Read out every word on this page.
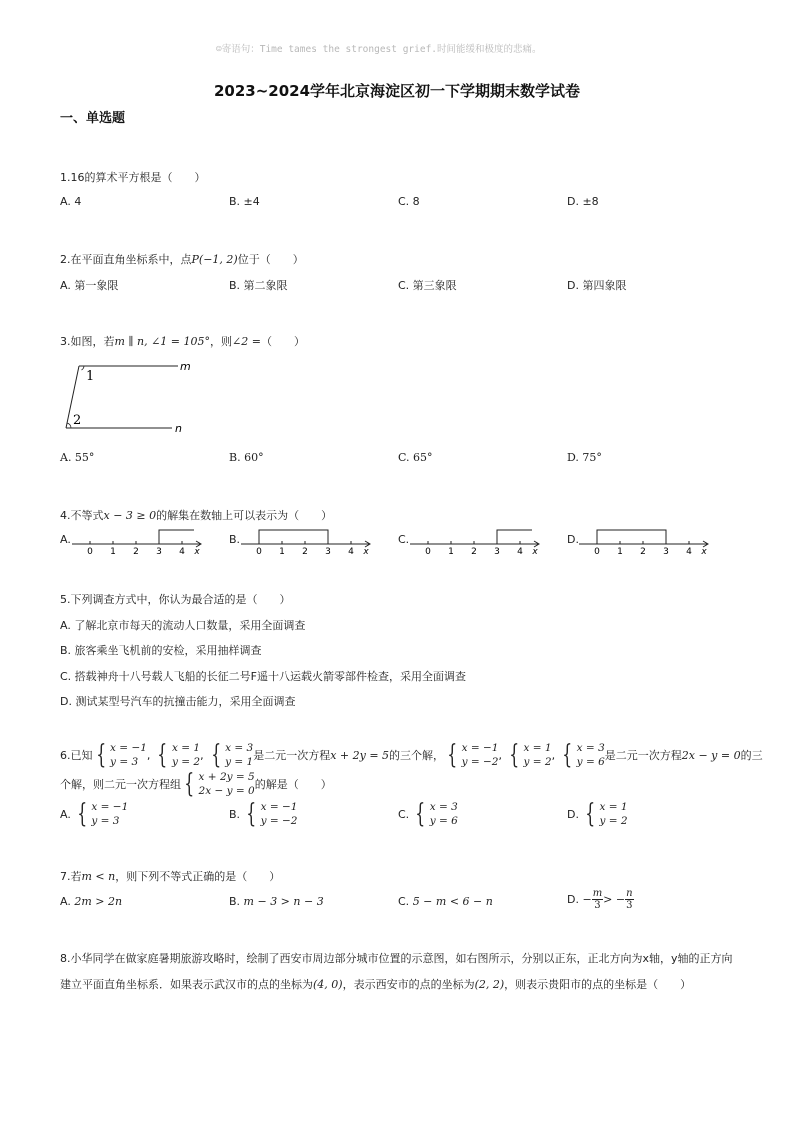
☺寄语句：Time tames the strongest grief.时间能缓和极度的悲痛。
2023~2024学年北京海淀区初一下学期期末数学试卷
一、单选题
1.16的算术平方根是（　　）
A. 4	B. ±4	C. 8	D. ±8
2.在平面直角坐标系中，点P(−1, 2)位于（　　）
A. 第一象限	B. 第二象限	C. 第三象限	D. 第四象限
3.如图，若m ∥ n, ∠1 = 105°，则∠2 =（　　）
1
2
m
n
A. 55°	B. 60°	C. 65°	D. 75°
4.不等式x − 3 ≥ 0的解集在数轴上可以表示为（　　）
A.
0 1 2 3 4 x
B.
0 1 2 3 4 x
C.
0 1 2 3 4 x
D.
0 1 2 3 4 x
5.下列调查方式中，你认为最合适的是（　　）
A. 了解北京市每天的流动人口数量，采用全面调查
B. 旅客乘坐飞机前的安检，采用抽样调查
C. 搭载神舟十八号载人飞船的长征二号F遥十八运载火箭零部件检查，采用全面调查
D. 测试某型号汽车的抗撞击能力，采用全面调查
6.已知 { x = −1
y = 3
, { x = 1
y = 2
, { x = 3
y = 1 是二元一次方程 x + 2y = 5 的三个解， { x = −1
y = −2
, { x = 1
y = 2
, { x = 3
y = 6 是二元一次方程 2x − y = 0 的三
个解，则二元一次方程组 { x + 2y = 5
2x − y = 0 的解是（　　）
A. { x = −1
y = 3
B. { x = −1
y = −2
C. { x = 3
y = 6
D. { x = 1
y = 2
7.若m < n，则下列不等式正确的是（　　）
A. 2m > 2n	B. m − 3 > n − 3	C. 5 − m < 6 − n	D.
− $\frac{m}{3}$ > − $\frac{n}{3}$
8.小华同学在做家庭暑期旅游攻略时，绘制了西安市周边部分城市位置的示意图，如右图所示，分别以正东，正北方向为x轴，y轴的正方向
建立平面直角坐标系．如果表示武汉市的点的坐标为(4, 0)，表示西安市的点的坐标为(2, 2)，则表示贵阳市的点的坐标是（　　）
